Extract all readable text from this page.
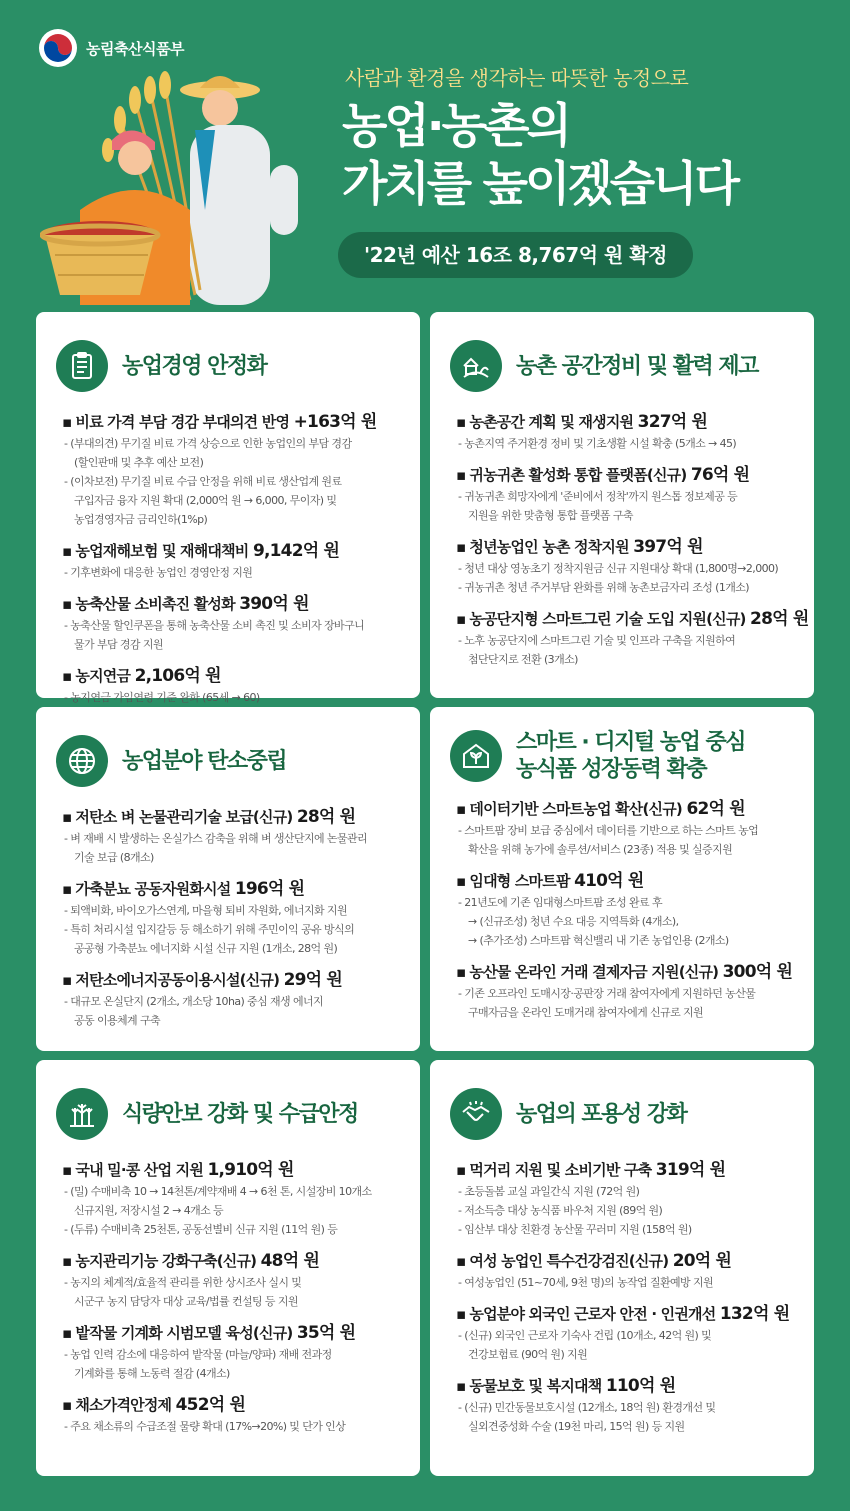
농림축산식품부
사람과 환경을 생각하는 따뜻한 농정으로
농업·농촌의
가치를 높이겠습니다
'22년 예산 16조 8,767억 원 확정
농업경영 안정화
▪ 비료 가격 부담 경감 부대의견 반영 +163억 원
- (부대의견) 무기질 비료 가격 상승으로 인한 농업인의 부담 경감
(할인판매 및 추후 예산 보전)
- (이차보전) 무기질 비료 수급 안정을 위해 비료 생산업계 원료
구입자금 융자 지원 확대 (2,000억 원 → 6,000, 무이자) 및
농업경영자금 금리인하(1%p)
▪ 농업재해보험 및 재해대책비 9,142억 원
- 기후변화에 대응한 농업인 경영안정 지원
▪ 농축산물 소비촉진 활성화 390억 원
- 농축산물 할인쿠폰을 통해 농축산물 소비 촉진 및 소비자 장바구니
물가 부담 경감 지원
▪ 농지연금 2,106억 원
- 농지연금 가입연령 기준 완화 (65세 → 60)
농촌 공간정비 및 활력 제고
▪ 농촌공간 계획 및 재생지원 327억 원
- 농촌지역 주거환경 정비 및 기초생활 시설 확충 (5개소 → 45)
▪ 귀농귀촌 활성화 통합 플랫폼(신규) 76억 원
- 귀농귀촌 희망자에게 '준비에서 정착'까지 원스톱 정보제공 등
지원을 위한 맞춤형 통합 플랫폼 구축
▪ 청년농업인 농촌 정착지원 397억 원
- 청년 대상 영농초기 정착지원금 신규 지원대상 확대 (1,800명→2,000)
- 귀농귀촌 청년 주거부담 완화를 위해 농촌보금자리 조성 (1개소)
▪ 농공단지형 스마트그린 기술 도입 지원(신규) 28억 원
- 노후 농공단지에 스마트그린 기술 및 인프라 구축을 지원하여
첨단단지로 전환 (3개소)
농업분야 탄소중립
▪ 저탄소 벼 논물관리기술 보급(신규) 28억 원
- 벼 재배 시 발생하는 온실가스 감축을 위해 벼 생산단지에 논물관리
기술 보급 (8개소)
▪ 가축분뇨 공동자원화시설 196억 원
- 퇴액비화, 바이오가스연계, 마을형 퇴비 자원화, 에너지화 지원
- 특히 처리시설 입지갈등 등 해소하기 위해 주민이익 공유 방식의
공공형 가축분뇨 에너지화 시설 신규 지원 (1개소, 28억 원)
▪ 저탄소에너지공동이용시설(신규) 29억 원
- 대규모 온실단지 (2개소, 개소당 10ha) 중심 재생 에너지
공동 이용체계 구축
스마트 · 디지털 농업 중심
농식품 성장동력 확충
▪ 데이터기반 스마트농업 확산(신규) 62억 원
- 스마트팜 장비 보급 중심에서 데이터를 기반으로 하는 스마트 농업
확산을 위해 농가에 솔루션/서비스 (23종) 적용 및 실증지원
▪ 임대형 스마트팜 410억 원
- 21년도에 기존 임대형스마트팜 조성 완료 후
→ (신규조성) 청년 수요 대응 지역특화 (4개소),
→ (추가조성) 스마트팜 혁신밸리 내 기존 농업인용 (2개소)
▪ 농산물 온라인 거래 결제자금 지원(신규) 300억 원
- 기존 오프라인 도매시장·공판장 거래 참여자에게 지원하던 농산물
구매자금을 온라인 도매거래 참여자에게 신규로 지원
식량안보 강화 및 수급안정
▪ 국내 밀·콩 산업 지원 1,910억 원
- (밀) 수매비축 10 → 14천톤/계약재배 4 → 6천 톤, 시설장비 10개소
신규지원, 저장시설 2 → 4개소 등
- (두류) 수매비축 25천톤, 공동선별비 신규 지원 (11억 원) 등
▪ 농지관리기능 강화구축(신규) 48억 원
- 농지의 체계적/효율적 관리를 위한 상시조사 실시 및
시군구 농지 담당자 대상 교육/법률 컨설팅 등 지원
▪ 밭작물 기계화 시범모델 육성(신규) 35억 원
- 농업 인력 감소에 대응하여 밭작물 (마늘/양파) 재배 전과정
기계화를 통해 노동력 절감 (4개소)
▪ 채소가격안정제 452억 원
- 주요 채소류의 수급조절 물량 확대 (17%→20%) 및 단가 인상
농업의 포용성 강화
▪ 먹거리 지원 및 소비기반 구축 319억 원
- 초등돌봄 교실 과일간식 지원 (72억 원)
- 저소득층 대상 농식품 바우처 지원 (89억 원)
- 임산부 대상 친환경 농산물 꾸러미 지원 (158억 원)
▪ 여성 농업인 특수건강검진(신규) 20억 원
- 여성농업인 (51~70세, 9천 명)의 농작업 질환예방 지원
▪ 농업분야 외국인 근로자 안전 · 인권개선 132억 원
- (신규) 외국인 근로자 기숙사 건립 (10개소, 42억 원) 및
건강보험료 (90억 원) 지원
▪ 동물보호 및 복지대책 110억 원
- (신규) 민간동물보호시설 (12개소, 18억 원) 환경개선 및
실외견중성화 수술 (19천 마리, 15억 원) 등 지원
